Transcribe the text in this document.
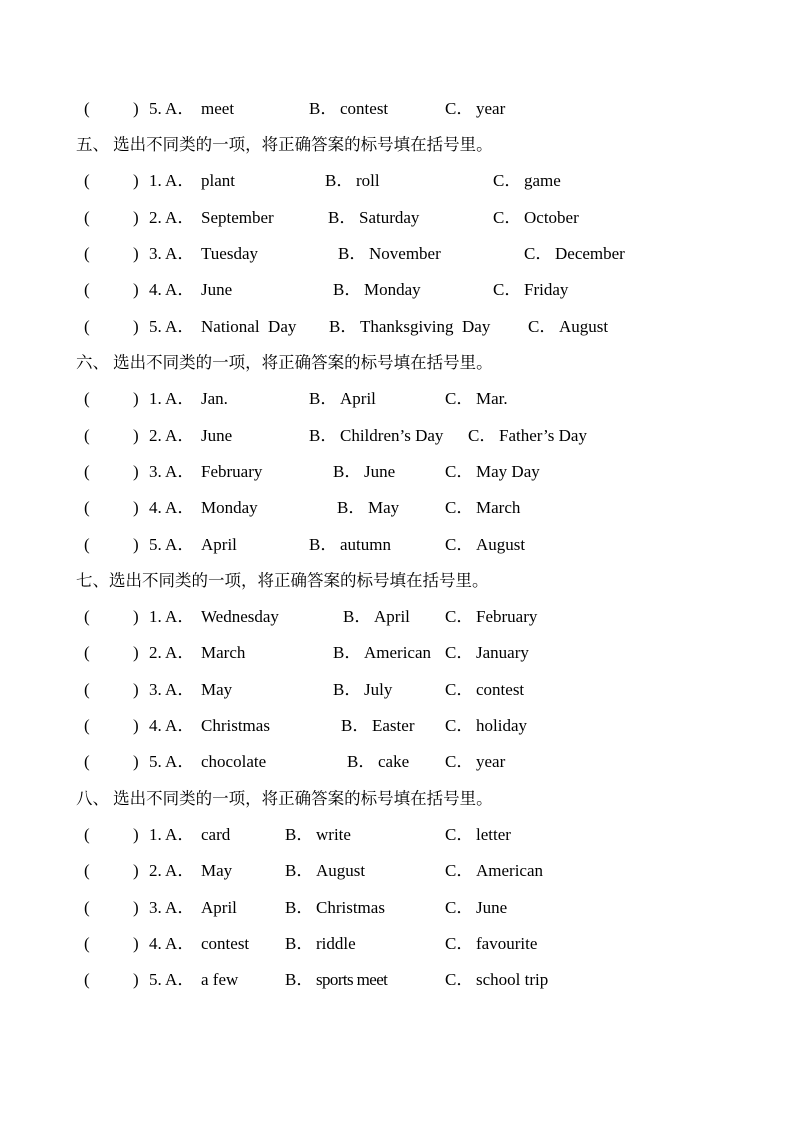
(	) 5. A． meet	B． contest	C． year
五、 选出不同类的一项，将正确答案的标号填在括号里。
(	) 1. A． plant	B． roll	C． game
(	) 2. A． September	B． Saturday	C． October
(	) 3. A． Tuesday	B． November	C． December
(	) 4. A． June	B． Monday	C． Friday
(	) 5. A． National  Day B． Thanksgiving  Day C． August
六、 选出不同类的一项，将正确答案的标号填在括号里。
(	) 1. A． Jan.	B． April	C． Mar.
(	) 2. A． June	B． Children’s Day C． Father’s Day
(	) 3. A． February	B． June	C． May Day
(	) 4. A． Monday	B． May	C． March
(	) 5. A． April	B． autumn	C． August
七、选出不同类的一项，将正确答案的标号填在括号里。
(	) 1. A． Wednesday	B． April C． February
(	) 2. A． March	B． American C． January
(	) 3. A． May	B． July	C． contest
(	) 4. A． Christmas	B． Easter C． holiday
(	) 5. A． chocolate	B． cake C． year
八、 选出不同类的一项，将正确答案的标号填在括号里。
(	) 1. A． card	B． write	C． letter
(	) 2. A． May	B． August	C． American
(	) 3. A． April	B． Christmas	C． June
(	) 4. A． contest B． riddle	C． favourite
(	) 5. A． a few	B． sports meet	C． school trip
